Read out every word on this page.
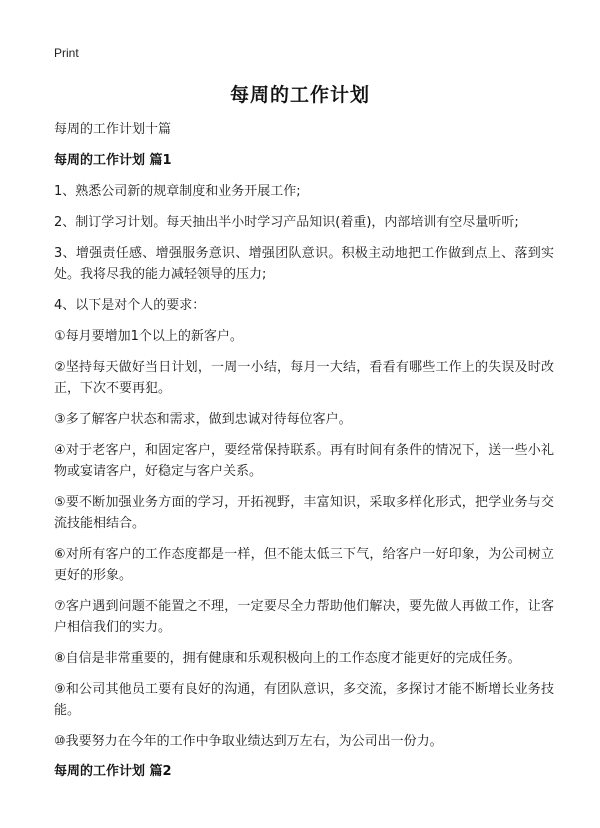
Print
每周的工作计划
每周的工作计划十篇
每周的工作计划 篇1
1、熟悉公司新的规章制度和业务开展工作;
2、制订学习计划。每天抽出半小时学习产品知识(着重)，内部培训有空尽量听听;
3、增强责任感、增强服务意识、增强团队意识。积极主动地把工作做到点上、落到实处。我将尽我的能力减轻领导的压力;
4、以下是对个人的要求：
①每月要增加1个以上的新客户。
②坚持每天做好当日计划，一周一小结，每月一大结，看看有哪些工作上的失误及时改正，下次不要再犯。
③多了解客户状态和需求，做到忠诚对待每位客户。
④对于老客户，和固定客户，要经常保持联系。再有时间有条件的情况下，送一些小礼物或宴请客户，好稳定与客户关系。
⑤要不断加强业务方面的学习，开拓视野，丰富知识，采取多样化形式，把学业务与交流技能相结合。
⑥对所有客户的工作态度都是一样，但不能太低三下气，给客户一好印象，为公司树立更好的形象。
⑦客户遇到问题不能置之不理，一定要尽全力帮助他们解决，要先做人再做工作，让客户相信我们的实力。
⑧自信是非常重要的，拥有健康和乐观积极向上的工作态度才能更好的完成任务。
⑨和公司其他员工要有良好的沟通，有团队意识，多交流，多探讨才能不断增长业务技能。
⑩我要努力在今年的工作中争取业绩达到万左右，为公司出一份力。
每周的工作计划 篇2
